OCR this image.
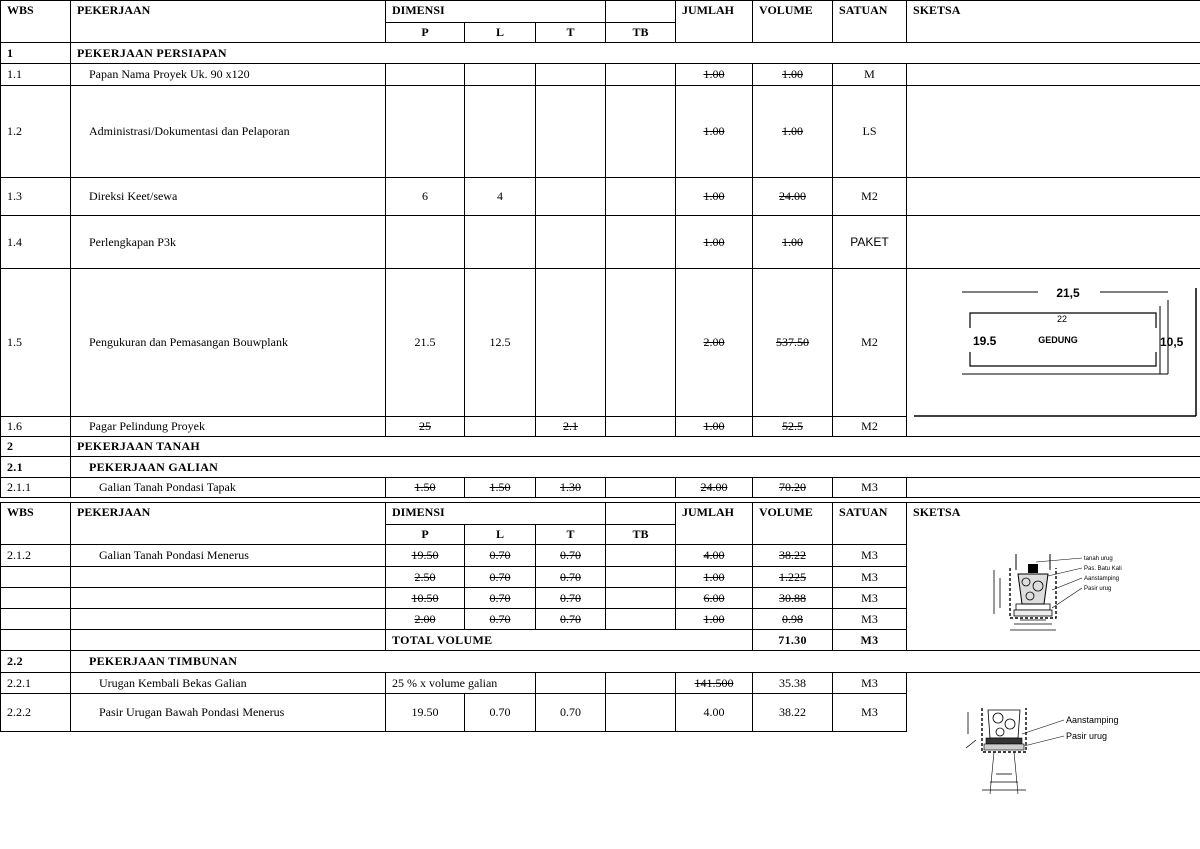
WBS	PEKERJAAN	DIMENSI				JUMLAH	VOLUME	SATUAN	SKETSA
		P	L	T	TB				
1	PEKERJAAN PERSIAPAN								
1.1	Papan Nama Proyek Uk. 90 x120					1.00	1.00	M	
1.2	Administrasi/Dokumentasi dan Pelaporan					1.00	1.00	LS	
1.3	Direksi Keet/sewa	6	4			1.00	24.00	M2	
1.4	Perlengkapan P3k					1.00	1.00	PAKET	
1.5	Pengukuran dan Pemasangan Bouwplank	21.5	12.5			2.00	537.50	M2	
1.6	Pagar Pelindung Proyek	25		2.1		1.00	52.5	M2	
2	PEKERJAAN TANAH								
2.1	PEKERJAAN GALIAN								
2.1.1	Galian Tanah Pondasi Tapak	1.50	1.50	1.30		24.00	70.20	M3	
WBS	PEKERJAAN	DIMENSI				JUMLAH	VOLUME	SATUAN	SKETSA
		P	L	T	TB				
2.1.2	Galian Tanah Pondasi Menerus	19.50	0.70	0.70		4.00	38.22	M3	
		2.50	0.70	0.70		1.00	1.225	M3	
		10.50	0.70	0.70		6.00	30.88	M3	
		2.00	0.70	0.70		1.00	0.98	M3	
		TOTAL VOLUME					71.30	M3	
2.2	PEKERJAAN TIMBUNAN								
2.2.1	Urugan Kembali Bekas Galian	25 % x volume galian				141.500	35.38	M3	
2.2.2	Pasir Urugan Bawah Pondasi Menerus	19.50	0.70	0.70		4.00	38.22	M3	
21,5
22
19.5	GEDUNG	10,5
tanah urug
Pas. Batu Kali
Aanstamping
Pasir urug
Aanstamping
Pasir urug
